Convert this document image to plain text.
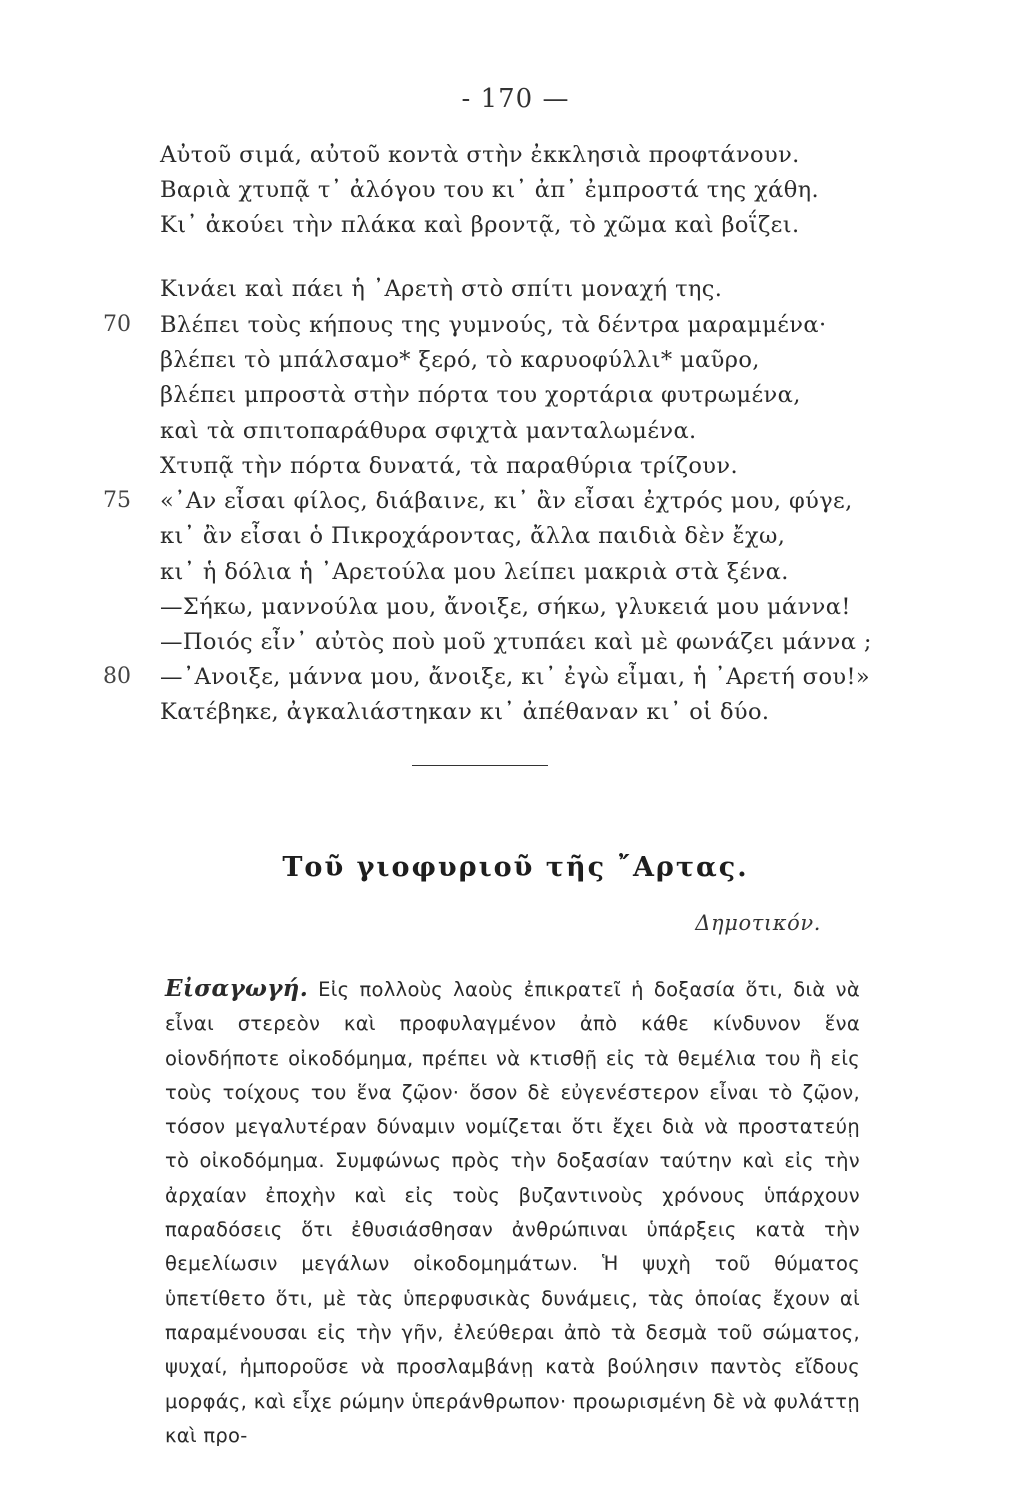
- 170 —
Αὐτοῦ σιμά, αὐτοῦ κοντὰ στὴν ἐκκλησιὰ προφτάνουν.
Βαριὰ χτυπᾷ τ᾽ ἀλόγου του κι᾽ ἀπ᾽ ἐμπροστά της χάθη.
Κι᾽ ἀκούει τὴν πλάκα καὶ βροντᾷ, τὸ χῶμα καὶ βοΐζει.
Κινάει καὶ πάει ἡ ᾽Αρετὴ στὸ σπίτι μοναχή της.
70 Βλέπει τοὺς κήπους της γυμνούς, τὰ δέντρα μαραμμένα·
βλέπει τὸ μπάλσαμο* ξερό, τὸ καρυοφύλλι* μαῦρο,
βλέπει μπροστὰ στὴν πόρτα του χορτάρια φυτρωμένα,
καὶ τὰ σπιτοπαράθυρα σφιχτὰ μανταλωμένα.
Χτυπᾷ τὴν πόρτα δυνατά, τὰ παραθύρια τρίζουν.
75 «᾽Αν εἶσαι φίλος, διάβαινε, κι᾽ ἂν εἶσαι ἐχτρός μου, φύγε,
κι᾽ ἂν εἶσαι ὁ Πικροχάροντας, ἄλλα παιδιὰ δὲν ἔχω,
κι᾽ ἡ δόλια ἡ ᾽Αρετούλα μου λείπει μακριὰ στὰ ξένα.
—Σήκω, μαννούλα μου, ἄνοιξε, σήκω, γλυκειά μου μάννα!
—Ποιός εἶν᾽ αὐτὸς ποὺ μοῦ χτυπάει καὶ μὲ φωνάζει μάννα ;
80 —᾽Ανοιξε, μάννα μου, ἄνοιξε, κι᾽ ἐγὼ εἶμαι, ἡ ᾽Αρετή σου!»
Κατέβηκε, ἀγκαλιάστηκαν κι᾽ ἀπέθαναν κι᾽ οἱ δύο.
Τοῦ γιοφυριοῦ τῆς ῎Αρτας.
Δημοτικόν.
Εἰσαγωγή. Εἰς πολλοὺς λαοὺς ἐπικρατεῖ ἡ δοξασία ὅτι, διὰ νὰ εἶναι στερεὸν καὶ προφυλαγμένον ἀπὸ κάθε κίνδυνον ἕνα οἱονδήποτε οἰκοδόμημα, πρέπει νὰ κτισθῇ εἰς τὰ θεμέλια του ἢ εἰς τοὺς τοίχους του ἕνα ζῷον· ὅσον δὲ εὐγενέστερον εἶναι τὸ ζῷον, τόσον μεγαλυτέραν δύναμιν νομίζεται ὅτι ἔχει διὰ νὰ προστατεύῃ τὸ οἰκοδόμημα. Συμφώνως πρὸς τὴν δοξασίαν ταύτην καὶ εἰς τὴν ἀρχαίαν ἐποχὴν καὶ εἰς τοὺς βυζαντινοὺς χρόνους ὑπάρχουν παραδόσεις ὅτι ἐθυσιάσθησαν ἀνθρώπιναι ὑπάρξεις κατὰ τὴν θεμελίωσιν μεγάλων οἰκοδομημάτων. Ἡ ψυχὴ τοῦ θύματος ὑπετίθετο ὅτι, μὲ τὰς ὑπερφυσικὰς δυνάμεις, τὰς ὁποίας ἔχουν αἱ παραμένουσαι εἰς τὴν γῆν, ἐλεύθεραι ἀπὸ τὰ δεσμὰ τοῦ σώματος, ψυχαί, ἠμποροῦσε νὰ προσλαμβάνῃ κατὰ βούλησιν παντὸς εἴδους μορφάς, καὶ εἶχε ρώμην ὑπεράνθρωπον· προωρισμένη δὲ νὰ φυλάττῃ καὶ προ-
